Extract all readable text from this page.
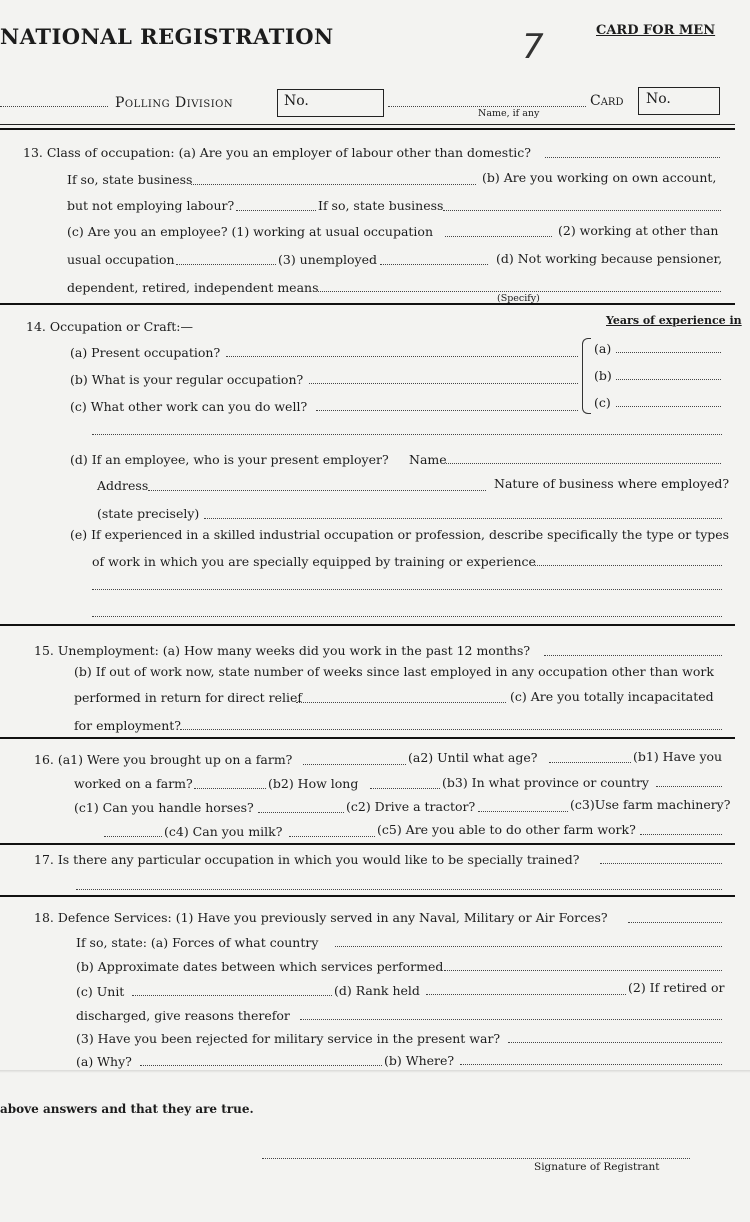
NATIONAL REGISTRATION	CARD FOR MEN
7
Polling Division	No.
Name, if any
Card No.
13. Class of occupation: (a) Are you an employer of labour other than domestic?
If so, state business	(b) Are you working on own account,
but not employing labour?	If so, state business
(c) Are you an employee? (1) working at usual occupation	(2) working at other than
usual occupation	(3) unemployed	(d) Not working because pensioner,
dependent, retired, independent means
(Specify)
14. Occupation or Craft:—	Years of experience in
(a) Present occupation?
(b) What is your regular occupation?
(c) What other work can you do well?
(a)
(b)
(c)
(d) If an employee, who is your present employer? Name
Address	Nature of business where employed?
(state precisely)
(e) If experienced in a skilled industrial occupation or profession, describe specifically the type or types
of work in which you are specially equipped by training or experience
15. Unemployment: (a) How many weeks did you work in the past 12 months?
(b) If out of work now, state number of weeks since last employed in any occupation other than work
performed in return for direct relief	(c) Are you totally incapacitated
for employment?
16. (a1) Were you brought up on a farm?	(a2) Until what age?	(b1) Have you
worked on a farm?	(b2) How long	(b3) In what province or country
(c1) Can you handle horses?	(c2) Drive a tractor?	(c3)Use farm machinery?
(c4) Can you milk?	(c5) Are you able to do other farm work?
17. Is there any particular occupation in which you would like to be specially trained?
18. Defence Services: (1) Have you previously served in any Naval, Military or Air Forces?
If so, state: (a) Forces of what country
(b) Approximate dates between which services performed
(c) Unit	(d) Rank held	(2) If retired or
discharged, give reasons therefor
(3) Have you been rejected for military service in the present war?
(a) Why?	(b) Where?
above answers and that they are true.
Signature of Registrant
